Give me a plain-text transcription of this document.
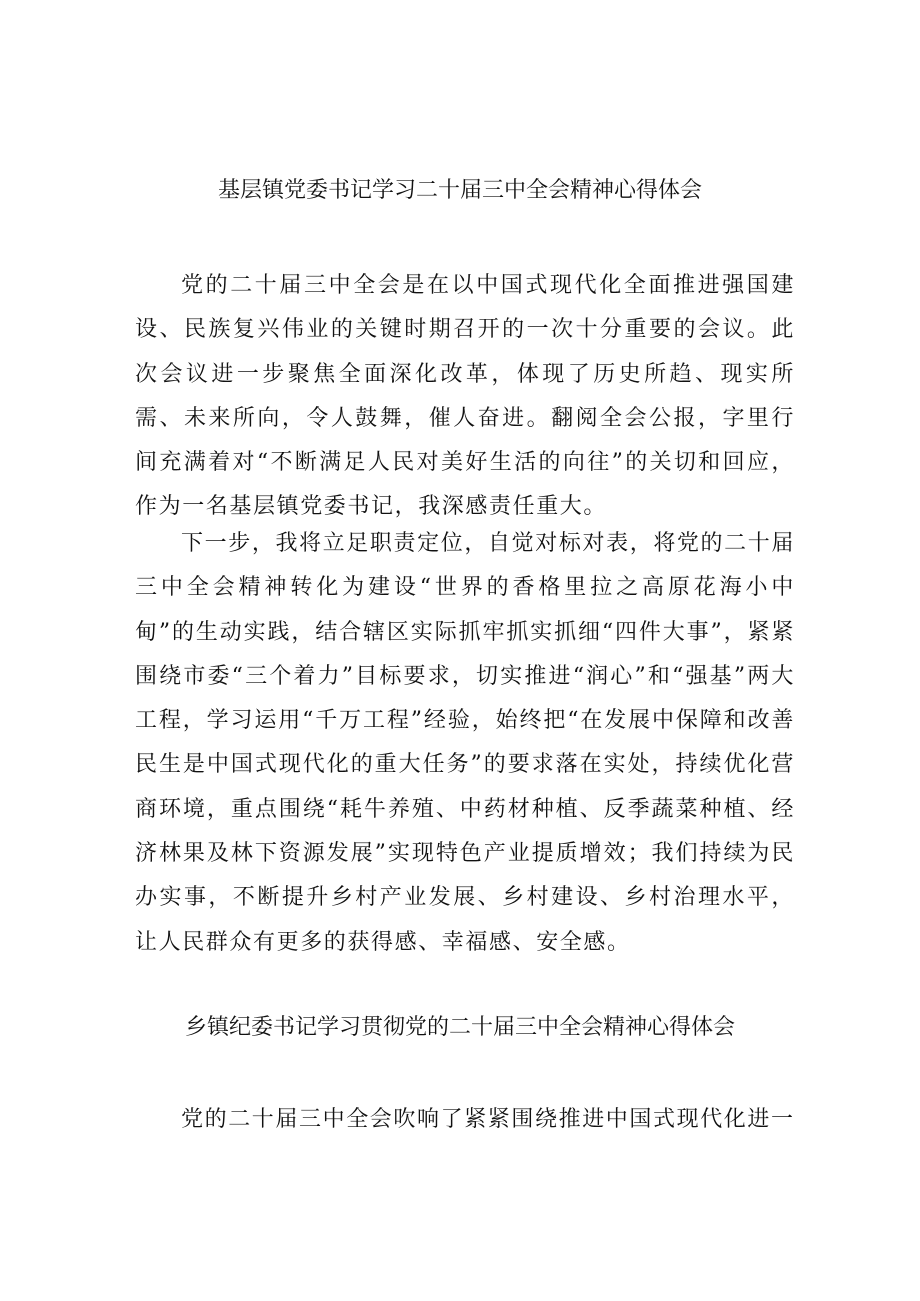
基层镇党委书记学习二十届三中全会精神心得体会

党的二十届三中全会是在以中国式现代化全面推进强国建设、民族复兴伟业的关键时期召开的一次十分重要的会议。此次会议进一步聚焦全面深化改革，体现了历史所趋、现实所需、未来所向，令人鼓舞，催人奋进。翻阅全会公报，字里行间充满着对“不断满足人民对美好生活的向往”的关切和回应，作为一名基层镇党委书记，我深感责任重大。

下一步，我将立足职责定位，自觉对标对表，将党的二十届三中全会精神转化为建设“世界的香格里拉之高原花海小中甸”的生动实践，结合辖区实际抓牢抓实抓细“四件大事”，紧紧围绕市委“三个着力”目标要求，切实推进“润心”和“强基”两大工程，学习运用“千万工程”经验，始终把“在发展中保障和改善民生是中国式现代化的重大任务”的要求落在实处，持续优化营商环境，重点围绕“耗牛养殖、中药材种植、反季蔬菜种植、经济林果及林下资源发展”实现特色产业提质增效；我们持续为民办实事，不断提升乡村产业发展、乡村建设、乡村治理水平，让人民群众有更多的获得感、幸福感、安全感。

乡镇纪委书记学习贯彻党的二十届三中全会精神心得体会

党的二十届三中全会吹响了紧紧围绕推进中国式现代化进一
